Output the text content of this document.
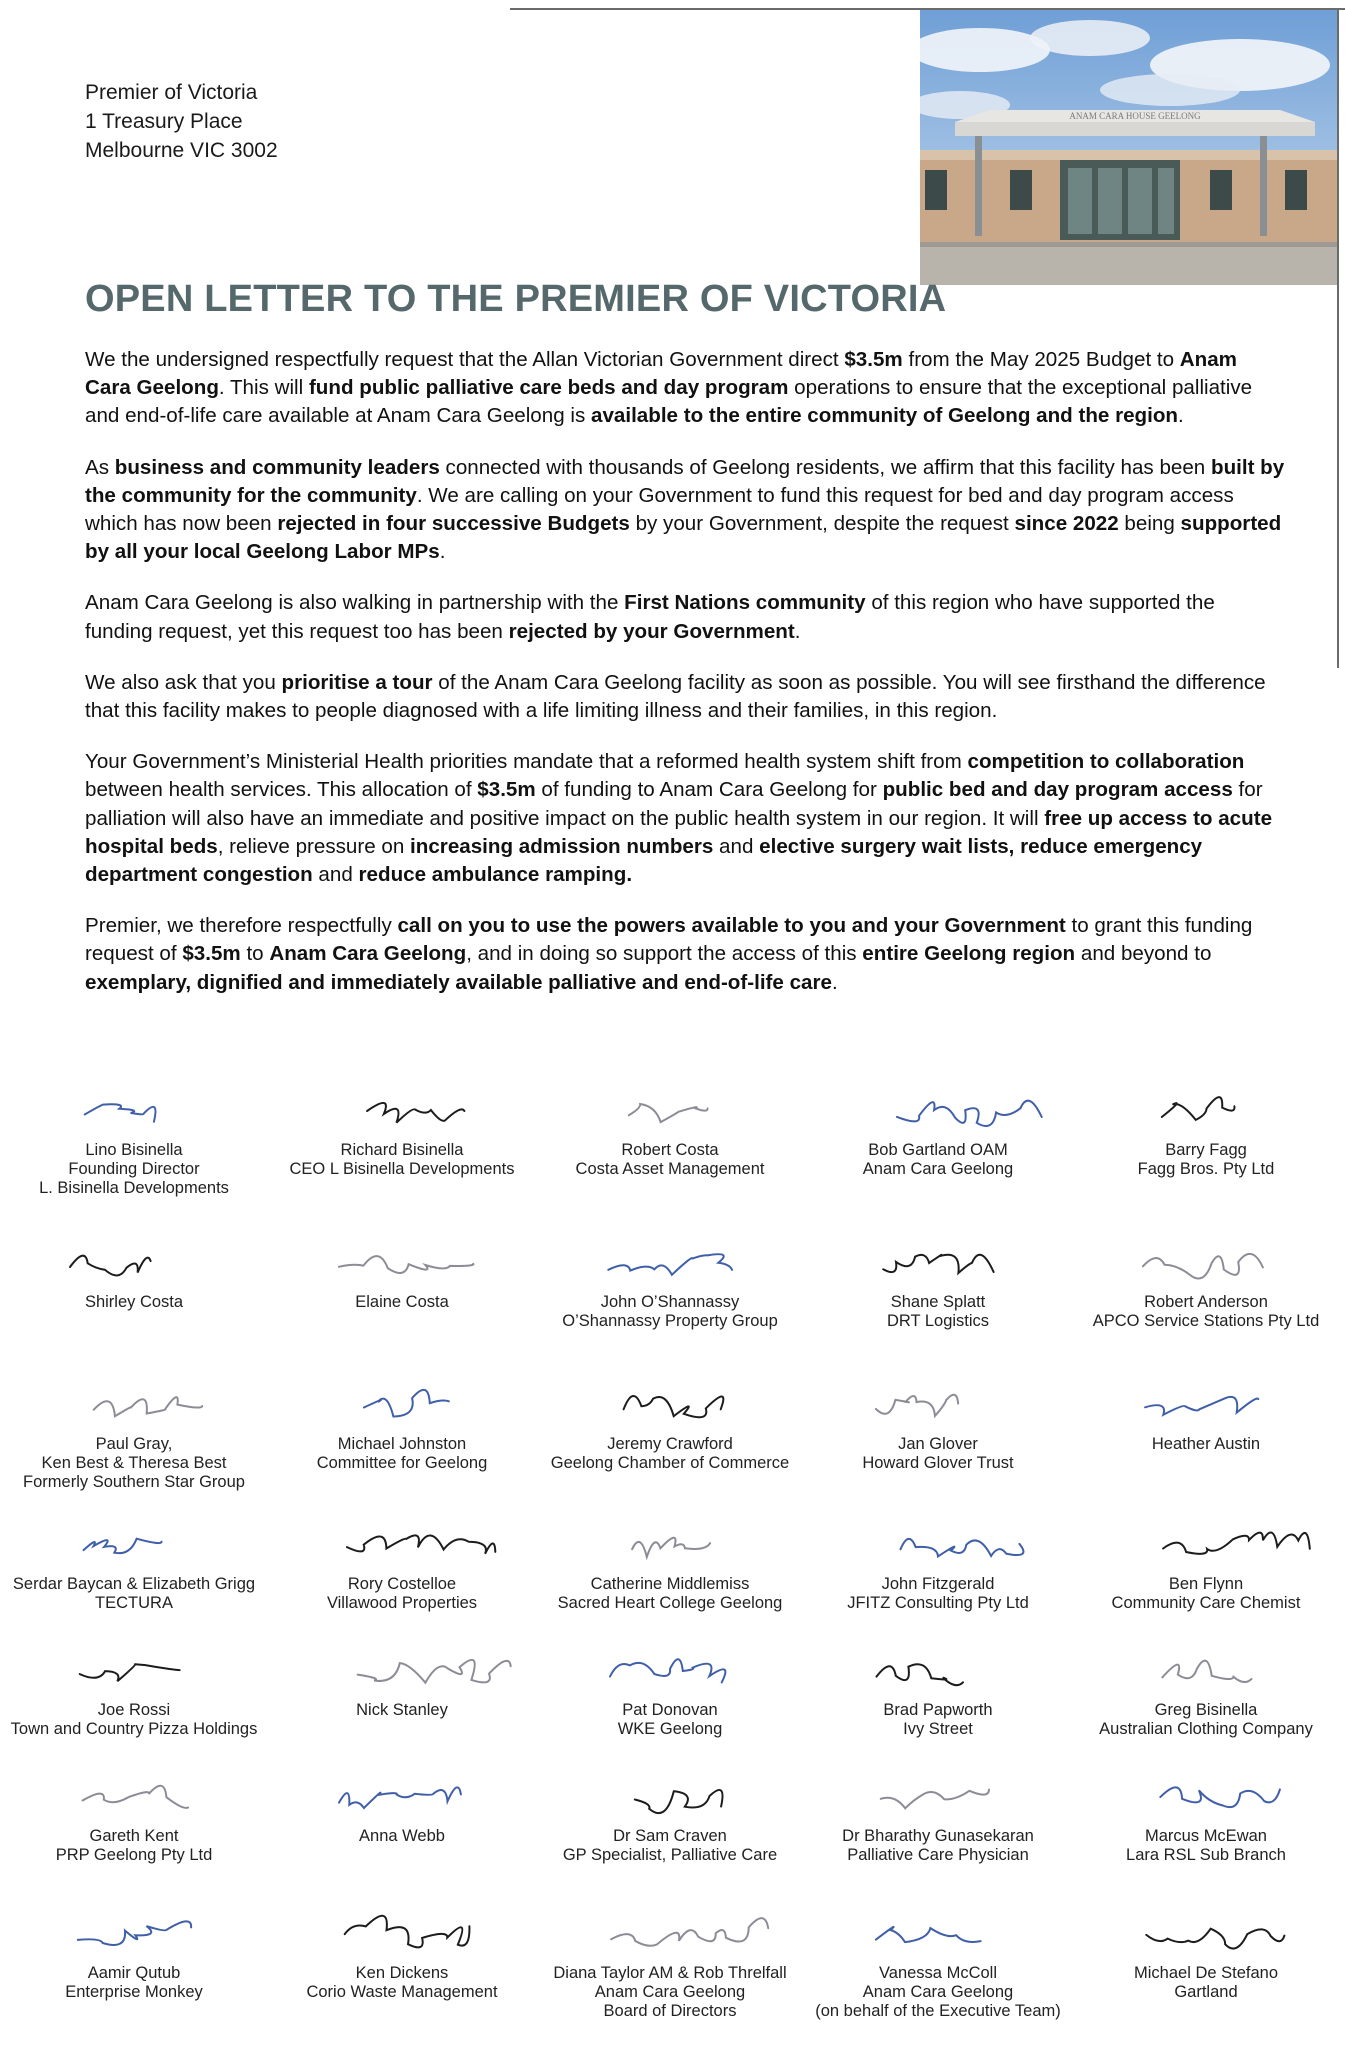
Premier of Victoria
1 Treasury Place
Melbourne VIC 3002
ANAM CARA HOUSE GEELONG
OPEN LETTER TO THE PREMIER OF VICTORIA

We the undersigned respectfully request that the Allan Victorian Government direct $3.5m from the May 2025 Budget to Anam Cara Geelong. This will fund public palliative care beds and day program operations to ensure that the exceptional palliative and end-of-life care available at Anam Cara Geelong is available to the entire community of Geelong and the region.

As business and community leaders connected with thousands of Geelong residents, we affirm that this facility has been built by the community for the community. We are calling on your Government to fund this request for bed and day program access which has now been rejected in four successive Budgets by your Government, despite the request since 2022 being supported by all your local Geelong Labor MPs.

Anam Cara Geelong is also walking in partnership with the First Nations community of this region who have supported the funding request, yet this request too has been rejected by your Government.

We also ask that you prioritise a tour of the Anam Cara Geelong facility as soon as possible. You will see firsthand the difference that this facility makes to people diagnosed with a life limiting illness and their families, in this region.

Your Government’s Ministerial Health priorities mandate that a reformed health system shift from competition to collaboration between health services. This allocation of $3.5m of funding to Anam Cara Geelong for public bed and day program access for palliation will also have an immediate and positive impact on the public health system in our region. It will free up access to acute hospital beds, relieve pressure on increasing admission numbers and elective surgery wait lists, reduce emergency department congestion and reduce ambulance ramping.

Premier, we therefore respectfully call on you to use the powers available to you and your Government to grant this funding request of $3.5m to Anam Cara Geelong, and in doing so support the access of this entire Geelong region and beyond to exemplary, dignified and immediately available palliative and end-of-life care.

Lino Bisinella
Founding Director
L. Bisinella Developments
Richard Bisinella
CEO L Bisinella Developments
Robert Costa
Costa Asset Management
Bob Gartland OAM
Anam Cara Geelong
Barry Fagg
Fagg Bros. Pty Ltd
Shirley Costa	Elaine Costa	John O’Shannassy
O’Shannassy Property Group
Shane Splatt
DRT Logistics
Robert Anderson
APCO Service Stations Pty Ltd
Paul Gray,
Ken Best & Theresa Best
Formerly Southern Star Group
Michael Johnston
Committee for Geelong
Jeremy Crawford
Geelong Chamber of Commerce
Jan Glover
Howard Glover Trust
Heather Austin
Serdar Baycan & Elizabeth Grigg
TECTURA
Rory Costelloe
Villawood Properties
Catherine Middlemiss
Sacred Heart College Geelong
John Fitzgerald
JFITZ Consulting Pty Ltd
Ben Flynn
Community Care Chemist
Joe Rossi
Town and Country Pizza Holdings
Nick Stanley	Pat Donovan
WKE Geelong
Brad Papworth
Ivy Street
Greg Bisinella
Australian Clothing Company
Gareth Kent
PRP Geelong Pty Ltd
Anna Webb	Dr Sam Craven
GP Specialist, Palliative Care
Dr Bharathy Gunasekaran
Palliative Care Physician
Marcus McEwan
Lara RSL Sub Branch
Aamir Qutub
Enterprise Monkey
Ken Dickens
Corio Waste Management
Diana Taylor AM & Rob Threlfall
Anam Cara Geelong
Board of Directors
Vanessa McColl
Anam Cara Geelong
(on behalf of the Executive Team)
Michael De Stefano
Gartland
